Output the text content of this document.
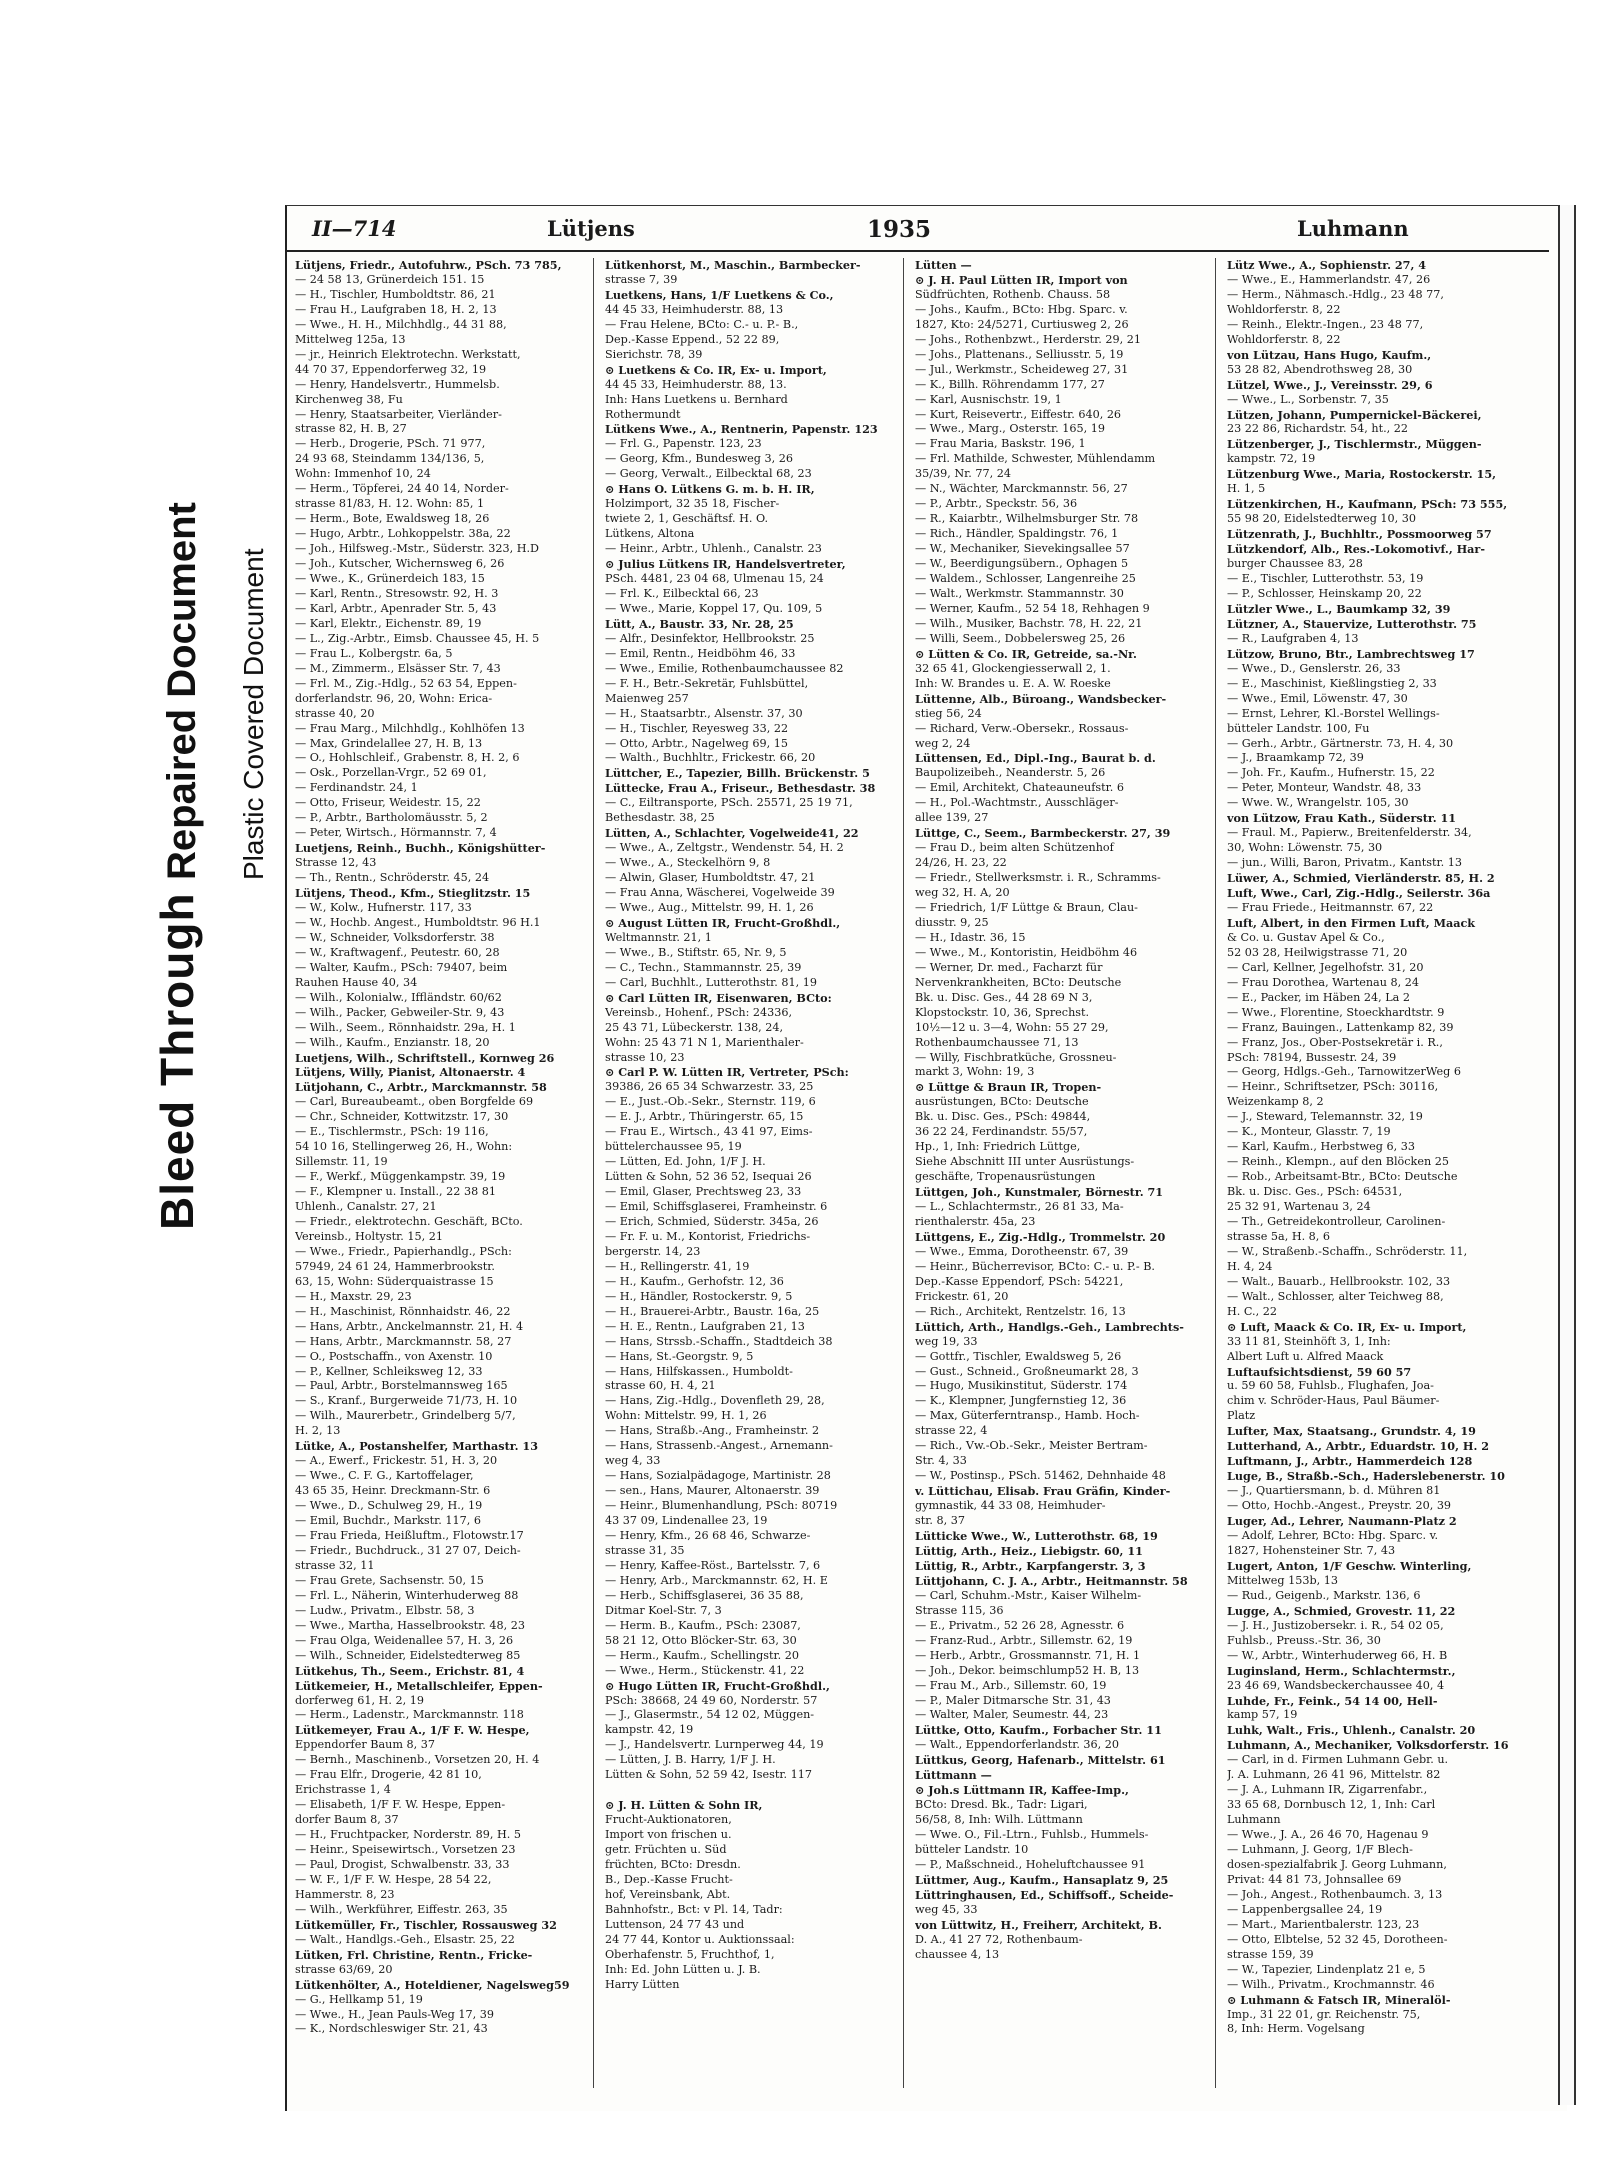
Bleed Through
Repaired Document Plastic Covered Document
II—714	Lütjens	1935	Luhmann
Lütjens, Friedr., Autofuhrw., PSch. 73 785,
— 24 58 13, Grünerdeich 151. 15
— H., Tischler, Humboldtstr. 86, 21
— Frau H., Laufgraben 18, H. 2, 13
— Wwe., H. H., Milchhdlg., 44 31 88,
Mittelweg 125a, 13
— jr., Heinrich Elektrotechn. Werkstatt,
44 70 37, Eppendorferweg 32, 19
— Henry, Handelsvertr., Hummelsb.
Kirchenweg 38, Fu
— Henry, Staatsarbeiter, Vierländer-
strasse 82, H. B, 27
— Herb., Drogerie, PSch. 71 977,
24 93 68, Steindamm 134/136, 5,
Wohn: Immenhof 10, 24
— Herm., Töpferei, 24 40 14, Norder-
strasse 81/83, H. 12. Wohn: 85, 1
— Herm., Bote, Ewaldsweg 18, 26
— Hugo, Arbtr., Lohkoppelstr. 38a, 22
— Joh., Hilfsweg.-Mstr., Süderstr. 323, H.D
— Joh., Kutscher, Wichernsweg 6, 26
— Wwe., K., Grünerdeich 183, 15
— Karl, Rentn., Stresowstr. 92, H. 3
— Karl, Arbtr., Apenrader Str. 5, 43
— Karl, Elektr., Eichenstr. 89, 19
— L., Zig.-Arbtr., Eimsb. Chaussee 45, H. 5
— Frau L., Kolbergstr. 6a, 5
— M., Zimmerm., Elsässer Str. 7, 43
— Frl. M., Zig.-Hdlg., 52 63 54, Eppen-
dorferlandstr. 96, 20, Wohn: Erica-
strasse 40, 20
— Frau Marg., Milchhdlg., Kohlhöfen 13
— Max, Grindelallee 27, H. B, 13
— O., Hohlschleif., Grabenstr. 8, H. 2, 6
— Osk., Porzellan-Vrgr., 52 69 01,
— Ferdinandstr. 24, 1
— Otto, Friseur, Weidestr. 15, 22
— P., Arbtr., Bartholomäusstr. 5, 2
— Peter, Wirtsch., Hörmannstr. 7, 4
Luetjens, Reinh., Buchh., Königshütter-
Strasse 12, 43
— Th., Rentn., Schröderstr. 45, 24
Lütjens, Theod., Kfm., Stieglitzstr. 15
— W., Kolw., Hufnerstr. 117, 33
— W., Hochb. Angest., Humboldtstr. 96 H.1
— W., Schneider, Volksdorferstr. 38
— W., Kraftwagenf., Peutestr. 60, 28
— Walter, Kaufm., PSch: 79407, beim
Rauhen Hause 40, 34
— Wilh., Kolonialw., Iffländstr. 60/62
— Wilh., Packer, Gebweiler-Str. 9, 43
— Wilh., Seem., Rönnhaidstr. 29a, H. 1
— Wilh., Kaufm., Enzianstr. 18, 20
Luetjens, Wilh., Schriftstell., Kornweg 26
Lütjens, Willy, Pianist, Altonaerstr. 4
Lütjohann, C., Arbtr., Marckmannstr. 58
— Carl, Bureaubeamt., oben Borgfelde 69
— Chr., Schneider, Kottwitzstr. 17, 30
— E., Tischlermstr., PSch: 19 116,
54 10 16, Stellingerweg 26, H., Wohn:
Sillemstr. 11, 19
— F., Werkf., Müggenkampstr. 39, 19
— F., Klempner u. Install., 22 38 81
Uhlenh., Canalstr. 27, 21
— Friedr., elektrotechn. Geschäft, BCto.
Vereinsb., Holtystr. 15, 21
— Wwe., Friedr., Papierhandlg., PSch:
57949, 24 61 24, Hammerbrookstr.
63, 15, Wohn: Süderquaistrasse 15
— H., Maxstr. 29, 23
— H., Maschinist, Rönnhaidstr. 46, 22
— Hans, Arbtr., Anckelmannstr. 21, H. 4
— Hans, Arbtr., Marckmannstr. 58, 27
— O., Postschaffn., von Axenstr. 10
— P., Kellner, Schleiksweg 12, 33
— Paul, Arbtr., Borstelmannsweg 165
— S., Kranf., Burgerweide 71/73, H. 10
— Wilh., Maurerbetr., Grindelberg 5/7,
H. 2, 13
Lütke, A., Postanshelfer, Marthastr. 13
— A., Ewerf., Frickestr. 51, H. 3, 20
— Wwe., C. F. G., Kartoffelager,
43 65 35, Heinr. Dreckmann-Str. 6
— Wwe., D., Schulweg 29, H., 19
— Emil, Buchdr., Markstr. 117, 6
— Frau Frieda, Heißluftm., Flotowstr.17
— Friedr., Buchdruck., 31 27 07, Deich-
strasse 32, 11
— Frau Grete, Sachsenstr. 50, 15
— Frl. L., Näherin, Winterhuderweg 88
— Ludw., Privatm., Elbstr. 58, 3
— Wwe., Martha, Hasselbrookstr. 48, 23
— Frau Olga, Weidenallee 57, H. 3, 26
— Wilh., Schneider, Eidelstedterweg 85
Lütkehus, Th., Seem., Erichstr. 81, 4
Lütkemeier, H., Metallschleifer, Eppen-
dorferweg 61, H. 2, 19
— Herm., Ladenstr., Marckmannstr. 118
Lütkemeyer, Frau A., 1/F F. W. Hespe,
Eppendorfer Baum 8, 37
— Bernh., Maschinenb., Vorsetzen 20, H. 4
— Frau Elfr., Drogerie, 42 81 10,
Erichstrasse 1, 4
— Elisabeth, 1/F F. W. Hespe, Eppen-
dorfer Baum 8, 37
— H., Fruchtpacker, Norderstr. 89, H. 5
— Heinr., Speisewirtsch., Vorsetzen 23
— Paul, Drogist, Schwalbenstr. 33, 33
— W. F., 1/F F. W. Hespe, 28 54 22,
Hammerstr. 8, 23
— Wilh., Werkführer, Eiffestr. 263, 35
Lütkemüller, Fr., Tischler, Rossausweg 32
— Walt., Handlgs.-Geh., Elsastr. 25, 22
Lütken, Frl. Christine, Rentn., Fricke-
strasse 63/69, 20
Lütkenhölter, A., Hoteldiener, Nagelsweg59
— G., Hellkamp 51, 19
— Wwe., H., Jean Pauls-Weg 17, 39
— K., Nordschleswiger Str. 21, 43
Lütkenhorst, M., Maschin., Barmbecker-
strasse 7, 39
Luetkens, Hans, 1/F Luetkens & Co.,
44 45 33, Heimhuderstr. 88, 13
— Frau Helene, BCto: C.- u. P.- B.,
Dep.-Kasse Eppend., 52 22 89,
Sierichstr. 78, 39
⊙ Luetkens & Co. IR, Ex- u. Import,
44 45 33, Heimhuderstr. 88, 13.
Inh: Hans Luetkens u. Bernhard
Rothermundt
Lütkens Wwe., A., Rentnerin, Papenstr. 123
— Frl. G., Papenstr. 123, 23
— Georg, Kfm., Bundesweg 3, 26
— Georg, Verwalt., Eilbecktal 68, 23
⊙ Hans O. Lütkens G. m. b. H. IR,
Holzimport, 32 35 18, Fischer-
twiete 2, 1, Geschäftsf. H. O.
Lütkens, Altona
— Heinr., Arbtr., Uhlenh., Canalstr. 23
⊙ Julius Lütkens IR, Handelsvertreter,
PSch. 4481, 23 04 68, Ulmenau 15, 24
— Frl. K., Eilbecktal 66, 23
— Wwe., Marie, Koppel 17, Qu. 109, 5
Lütt, A., Baustr. 33, Nr. 28, 25
— Alfr., Desinfektor, Hellbrookstr. 25
— Emil, Rentn., Heidböhm 46, 33
— Wwe., Emilie, Rothenbaumchaussee 82
— F. H., Betr.-Sekretär, Fuhlsbüttel,
Maienweg 257
— H., Staatsarbtr., Alsenstr. 37, 30
— H., Tischler, Reyesweg 33, 22
— Otto, Arbtr., Nagelweg 69, 15
— Walth., Buchhltr., Frickestr. 66, 20
Lüttcher, E., Tapezier, Billh. Brückenstr. 5
Lüttecke, Frau A., Friseur., Bethesdastr. 38
— C., Eiltransporte, PSch. 25571, 25 19 71,
Bethesdastr. 38, 25
Lütten, A., Schlachter, Vogelweide41, 22
— Wwe., A., Zeltgstr., Wendenstr. 54, H. 2
— Wwe., A., Steckelhörn 9, 8
— Alwin, Glaser, Humboldtstr. 47, 21
— Frau Anna, Wäscherei, Vogelweide 39
— Wwe., Aug., Mittelstr. 99, H. 1, 26
⊙ August Lütten IR, Frucht-Großhdl.,
Weltmannstr. 21, 1
— Wwe., B., Stiftstr. 65, Nr. 9, 5
— C., Techn., Stammannstr. 25, 39
— Carl, Buchhlt., Lutterothstr. 81, 19
⊙ Carl Lütten IR, Eisenwaren, BCto:
Vereinsb., Hohenf., PSch: 24336,
25 43 71, Lübeckerstr. 138, 24,
Wohn: 25 43 71 N 1, Marienthaler-
strasse 10, 23
⊙ Carl P. W. Lütten IR, Vertreter, PSch:
39386, 26 65 34 Schwarzestr. 33, 25
— E., Just.-Ob.-Sekr., Sternstr. 119, 6
— E. J., Arbtr., Thüringerstr. 65, 15
— Frau E., Wirtsch., 43 41 97, Eims-
büttelerchaussee 95, 19
— Lütten, Ed. John, 1/F J. H.
Lütten & Sohn, 52 36 52, Isequai 26
— Emil, Glaser, Prechtsweg 23, 33
— Emil, Schiffsglaserei, Framheinstr. 6
— Erich, Schmied, Süderstr. 345a, 26
— Fr. F. u. M., Kontorist, Friedrichs-
bergerstr. 14, 23
— H., Rellingerstr. 41, 19
— H., Kaufm., Gerhofstr. 12, 36
— H., Händler, Rostockerstr. 9, 5
— H., Brauerei-Arbtr., Baustr. 16a, 25
— H. E., Rentn., Laufgraben 21, 13
— Hans, Strssb.-Schaffn., Stadtdeich 38
— Hans, St.-Georgstr. 9, 5
— Hans, Hilfskassen., Humboldt-
strasse 60, H. 4, 21
— Hans, Zig.-Hdlg., Dovenfleth 29, 28,
Wohn: Mittelstr. 99, H. 1, 26
— Hans, Straßb.-Ang., Framheinstr. 2
— Hans, Strassenb.-Angest., Arnemann-
weg 4, 33
— Hans, Sozialpädagoge, Martinistr. 28
— sen., Hans, Maurer, Altonaerstr. 39
— Heinr., Blumenhandlung, PSch: 80719
43 37 09, Lindenallee 23, 19
— Henry, Kfm., 26 68 46, Schwarze-
strasse 31, 35
— Henry, Kaffee-Röst., Bartelsstr. 7, 6
— Henry, Arb., Marckmannstr. 62, H. E
— Herb., Schiffsglaserei, 36 35 88,
Ditmar Koel-Str. 7, 3
— Herm. B., Kaufm., PSch: 23087,
58 21 12, Otto Blöcker-Str. 63, 30
— Herm., Kaufm., Schellingstr. 20
— Wwe., Herm., Stückenstr. 41, 22
⊙ Hugo Lütten IR, Frucht-Großhdl.,
PSch: 38668, 24 49 60, Norderstr. 57
— J., Glasermstr., 54 12 02, Müggen-
kampstr. 42, 19
— J., Handelsvertr. Lurnperweg 44, 19
— Lütten, J. B. Harry, 1/F J. H.
Lütten & Sohn, 52 59 42, Isestr. 117

⊙ J. H. Lütten & Sohn IR,
Frucht-Auktionatoren,
Import von frischen u.
getr. Früchten u. Süd
früchten, BCto: Dresdn.
B., Dep.-Kasse Frucht-
hof, Vereinsbank, Abt.
Bahnhofstr., Bct: v Pl. 14, Tadr:
Luttenson, 24 77 43 und
24 77 44, Kontor u. Auktionssaal:
Oberhafenstr. 5, Fruchthof, 1,
Inh: Ed. John Lütten u. J. B.
Harry Lütten
Lütten —
⊙ J. H. Paul Lütten IR, Import von
Südfrüchten, Rothenb. Chauss. 58
— Johs., Kaufm., BCto: Hbg. Sparc. v.
1827, Kto: 24/5271, Curtiusweg 2, 26
— Johs., Rothenbzwt., Herderstr. 29, 21
— Johs., Plattenans., Selliusstr. 5, 19
— Jul., Werkmstr., Scheideweg 27, 31
— K., Billh. Röhrendamm 177, 27
— Karl, Ausnischstr. 19, 1
— Kurt, Reisevertr., Eiffestr. 640, 26
— Wwe., Marg., Osterstr. 165, 19
— Frau Maria, Baskstr. 196, 1
— Frl. Mathilde, Schwester, Mühlendamm
35/39, Nr. 77, 24
— N., Wächter, Marckmannstr. 56, 27
— P., Arbtr., Speckstr. 56, 36
— R., Kaiarbtr., Wilhelmsburger Str. 78
— Rich., Händler, Spaldingstr. 76, 1
— W., Mechaniker, Sievekingsallee 57
— W., Beerdigungsübern., Ophagen 5
— Waldem., Schlosser, Langenreihe 25
— Walt., Werkmstr. Stammannstr. 30
— Werner, Kaufm., 52 54 18, Rehhagen 9
— Wilh., Musiker, Bachstr. 78, H. 22, 21
— Willi, Seem., Dobbelersweg 25, 26
⊙ Lütten & Co. IR, Getreide, sa.-Nr.
32 65 41, Glockengiesserwall 2, 1.
Inh: W. Brandes u. E. A. W. Roeske
Lüttenne, Alb., Büroang., Wandsbecker-
stieg 56, 24
— Richard, Verw.-Obersekr., Rossaus-
weg 2, 24
Lüttensen, Ed., Dipl.-Ing., Baurat b. d.
Baupolizeibeh., Neanderstr. 5, 26
— Emil, Architekt, Chateauneufstr. 6
— H., Pol.-Wachtmstr., Ausschläger-
allee 139, 27
Lüttge, C., Seem., Barmbeckerstr. 27, 39
— Frau D., beim alten Schützenhof
24/26, H. 23, 22
— Friedr., Stellwerksmstr. i. R., Schramms-
weg 32, H. A, 20
— Friedrich, 1/F Lüttge & Braun, Clau-
diusstr. 9, 25
— H., Idastr. 36, 15
— Wwe., M., Kontoristin, Heidböhm 46
— Werner, Dr. med., Facharzt für
Nervenkrankheiten, BCto: Deutsche
Bk. u. Disc. Ges., 44 28 69 N 3,
Klopstockstr. 10, 36, Sprechst.
10½—12 u. 3—4, Wohn: 55 27 29,
Rothenbaumchaussee 71, 13
— Willy, Fischbratküche, Grossneu-
markt 3, Wohn: 19, 3
⊙ Lüttge & Braun IR, Tropen-
ausrüstungen, BCto: Deutsche
Bk. u. Disc. Ges., PSch: 49844,
36 22 24, Ferdinandstr. 55/57,
Hp., 1, Inh: Friedrich Lüttge,
Siehe Abschnitt III unter Ausrüstungs-
geschäfte, Tropenausrüstungen
Lüttgen, Joh., Kunstmaler, Börnestr. 71
— L., Schlachtermstr., 26 81 33, Ma-
rienthalerstr. 45a, 23
Lüttgens, E., Zig.-Hdlg., Trommelstr. 20
— Wwe., Emma, Dorotheenstr. 67, 39
— Heinr., Bücherrevisor, BCto: C.- u. P.- B.
Dep.-Kasse Eppendorf, PSch: 54221,
Frickestr. 61, 20
— Rich., Architekt, Rentzelstr. 16, 13
Lüttich, Arth., Handlgs.-Geh., Lambrechts-
weg 19, 33
— Gottfr., Tischler, Ewaldsweg 5, 26
— Gust., Schneid., Großneumarkt 28, 3
— Hugo, Musikinstitut, Süderstr. 174
— K., Klempner, Jungfernstieg 12, 36
— Max, Güterferntransp., Hamb. Hoch-
strasse 22, 4
— Rich., Vw.-Ob.-Sekr., Meister Bertram-
Str. 4, 33
— W., Postinsp., PSch. 51462, Dehnhaide 48
v. Lüttichau, Elisab. Frau Gräfin, Kinder-
gymnastik, 44 33 08, Heimhuder-
str. 8, 37
Lütticke Wwe., W., Lutterothstr. 68, 19
Lüttig, Arth., Heiz., Liebigstr. 60, 11
Lüttig, R., Arbtr., Karpfangerstr. 3, 3
Lüttjohann, C. J. A., Arbtr., Heitmannstr. 58
— Carl, Schuhm.-Mstr., Kaiser Wilhelm-
Strasse 115, 36
— E., Privatm., 52 26 28, Agnesstr. 6
— Franz-Rud., Arbtr., Sillemstr. 62, 19
— Herb., Arbtr., Grossmannstr. 71, H. 1
— Joh., Dekor. beimschlump52 H. B, 13
— Frau M., Arb., Sillemstr. 60, 19
— P., Maler Ditmarsche Str. 31, 43
— Walter, Maler, Seumestr. 44, 23
Lüttke, Otto, Kaufm., Forbacher Str. 11
— Walt., Eppendorferlandstr. 36, 20
Lüttkus, Georg, Hafenarb., Mittelstr. 61
Lüttmann —
⊙ Joh.s Lüttmann IR, Kaffee-Imp.,
BCto: Dresd. Bk., Tadr: Ligari,
56/58, 8, Inh: Wilh. Lüttmann
— Wwe. O., Fil.-Ltrn., Fuhlsb., Hummels-
bütteler Landstr. 10
— P., Maßschneid., Hoheluftchaussee 91
Lüttmer, Aug., Kaufm., Hansaplatz 9, 25
Lüttringhausen, Ed., Schiffsoff., Scheide-
weg 45, 33
von Lüttwitz, H., Freiherr, Architekt, B.
D. A., 41 27 72, Rothenbaum-
chaussee 4, 13
Lütz Wwe., A., Sophienstr. 27, 4
— Wwe., E., Hammerlandstr. 47, 26
— Herm., Nähmasch.-Hdlg., 23 48 77,
Wohldorferstr. 8, 22
— Reinh., Elektr.-Ingen., 23 48 77,
Wohldorferstr. 8, 22
von Lützau, Hans Hugo, Kaufm.,
53 28 82, Abendrothsweg 28, 30
Lützel, Wwe., J., Vereinsstr. 29, 6
— Wwe., L., Sorbenstr. 7, 35
Lützen, Johann, Pumpernickel-Bäckerei,
23 22 86, Richardstr. 54, ht., 22
Lützenberger, J., Tischlermstr., Müggen-
kampstr. 72, 19
Lützenburg Wwe., Maria, Rostockerstr. 15,
H. 1, 5
Lützenkirchen, H., Kaufmann, PSch: 73 555,
55 98 20, Eidelstedterweg 10, 30
Lützenrath, J., Buchhltr., Possmoorweg 57
Lützkendorf, Alb., Res.-Lokomotivf., Har-
burger Chaussee 83, 28
— E., Tischler, Lutterothstr. 53, 19
— P., Schlosser, Heinskamp 20, 22
Lützler Wwe., L., Baumkamp 32, 39
Lützner, A., Stauervize, Lutterothstr. 75
— R., Laufgraben 4, 13
Lützow, Bruno, Btr., Lambrechtsweg 17
— Wwe., D., Genslerstr. 26, 33
— E., Maschinist, Kießlingstieg 2, 33
— Wwe., Emil, Löwenstr. 47, 30
— Ernst, Lehrer, Kl.-Borstel Wellings-
bütteler Landstr. 100, Fu
— Gerh., Arbtr., Gärtnerstr. 73, H. 4, 30
— J., Braamkamp 72, 39
— Joh. Fr., Kaufm., Hufnerstr. 15, 22
— Peter, Monteur, Wandstr. 48, 33
— Wwe. W., Wrangelstr. 105, 30
von Lützow, Frau Kath., Süderstr. 11
— Fraul. M., Papierw., Breitenfelderstr. 34,
30, Wohn: Löwenstr. 75, 30
— jun., Willi, Baron, Privatm., Kantstr. 13
Lüwer, A., Schmied, Vierländerstr. 85, H. 2
Luft, Wwe., Carl, Zig.-Hdlg., Seilerstr. 36a
— Frau Friede., Heitmannstr. 67, 22
Luft, Albert, in den Firmen Luft, Maack
& Co. u. Gustav Apel & Co.,
52 03 28, Heilwigstrasse 71, 20
— Carl, Kellner, Jegelhofstr. 31, 20
— Frau Dorothea, Wartenau 8, 24
— E., Packer, im Häben 24, La 2
— Wwe., Florentine, Stoeckhardtstr. 9
— Franz, Bauingen., Lattenkamp 82, 39
— Franz, Jos., Ober-Postsekretär i. R.,
PSch: 78194, Bussestr. 24, 39
— Georg, Hdlgs.-Geh., TarnowitzerWeg 6
— Heinr., Schriftsetzer, PSch: 30116,
Weizenkamp 8, 2
— J., Steward, Telemannstr. 32, 19
— K., Monteur, Glasstr. 7, 19
— Karl, Kaufm., Herbstweg 6, 33
— Reinh., Klempn., auf den Blöcken 25
— Rob., Arbeitsamt-Btr., BCto: Deutsche
Bk. u. Disc. Ges., PSch: 64531,
25 32 91, Wartenau 3, 24
— Th., Getreidekontrolleur, Carolinen-
strasse 5a, H. 8, 6
— W., Straßenb.-Schaffn., Schröderstr. 11,
H. 4, 24
— Walt., Bauarb., Hellbrookstr. 102, 33
— Walt., Schlosser, alter Teichweg 88,
H. C., 22
⊙ Luft, Maack & Co. IR, Ex- u. Import,
33 11 81, Steinhöft 3, 1, Inh:
Albert Luft u. Alfred Maack
Luftaufsichtsdienst, 59 60 57
u. 59 60 58, Fuhlsb., Flughafen, Joa-
chim v. Schröder-Haus, Paul Bäumer-
Platz
Lufter, Max, Staatsang., Grundstr. 4, 19
Lutterhand, A., Arbtr., Eduardstr. 10, H. 2
Luftmann, J., Arbtr., Hammerdeich 128
Luge, B., Straßb.-Sch., Haderslebenerstr. 10
— J., Quartiersmann, b. d. Mühren 81
— Otto, Hochb.-Angest., Preystr. 20, 39
Luger, Ad., Lehrer, Naumann-Platz 2
— Adolf, Lehrer, BCto: Hbg. Sparc. v.
1827, Hohensteiner Str. 7, 43
Lugert, Anton, 1/F Geschw. Winterling,
Mittelweg 153b, 13
— Rud., Geigenb., Markstr. 136, 6
Lugge, A., Schmied, Grovestr. 11, 22
— J. H., Justizobersekr. i. R., 54 02 05,
Fuhlsb., Preuss.-Str. 36, 30
— W., Arbtr., Winterhuderweg 66, H. B
Luginsland, Herm., Schlachtermstr.,
23 46 69, Wandsbeckerchaussee 40, 4
Luhde, Fr., Feink., 54 14 00, Hell-
kamp 57, 19
Luhk, Walt., Fris., Uhlenh., Canalstr. 20
Luhmann, A., Mechaniker, Volksdorferstr. 16
— Carl, in d. Firmen Luhmann Gebr. u.
J. A. Luhmann, 26 41 96, Mittelstr. 82
— J. A., Luhmann IR, Zigarrenfabr.,
33 65 68, Dornbusch 12, 1, Inh: Carl
Luhmann
— Wwe., J. A., 26 46 70, Hagenau 9
— Luhmann, J. Georg, 1/F Blech-
dosen-spezialfabrik J. Georg Luhmann,
Privat: 44 81 73, Johnsallee 69
— Joh., Angest., Rothenbaumch. 3, 13
— Lappenbergsallee 24, 19
— Mart., Marientbalerstr. 123, 23
— Otto, Elbtelse, 52 32 45, Dorotheen-
strasse 159, 39
— W., Tapezier, Lindenplatz 21 e, 5
— Wilh., Privatm., Krochmannstr. 46
⊙ Luhmann & Fatsch IR, Mineralöl-
Imp., 31 22 01, gr. Reichenstr. 75,
8, Inh: Herm. Vogelsang
